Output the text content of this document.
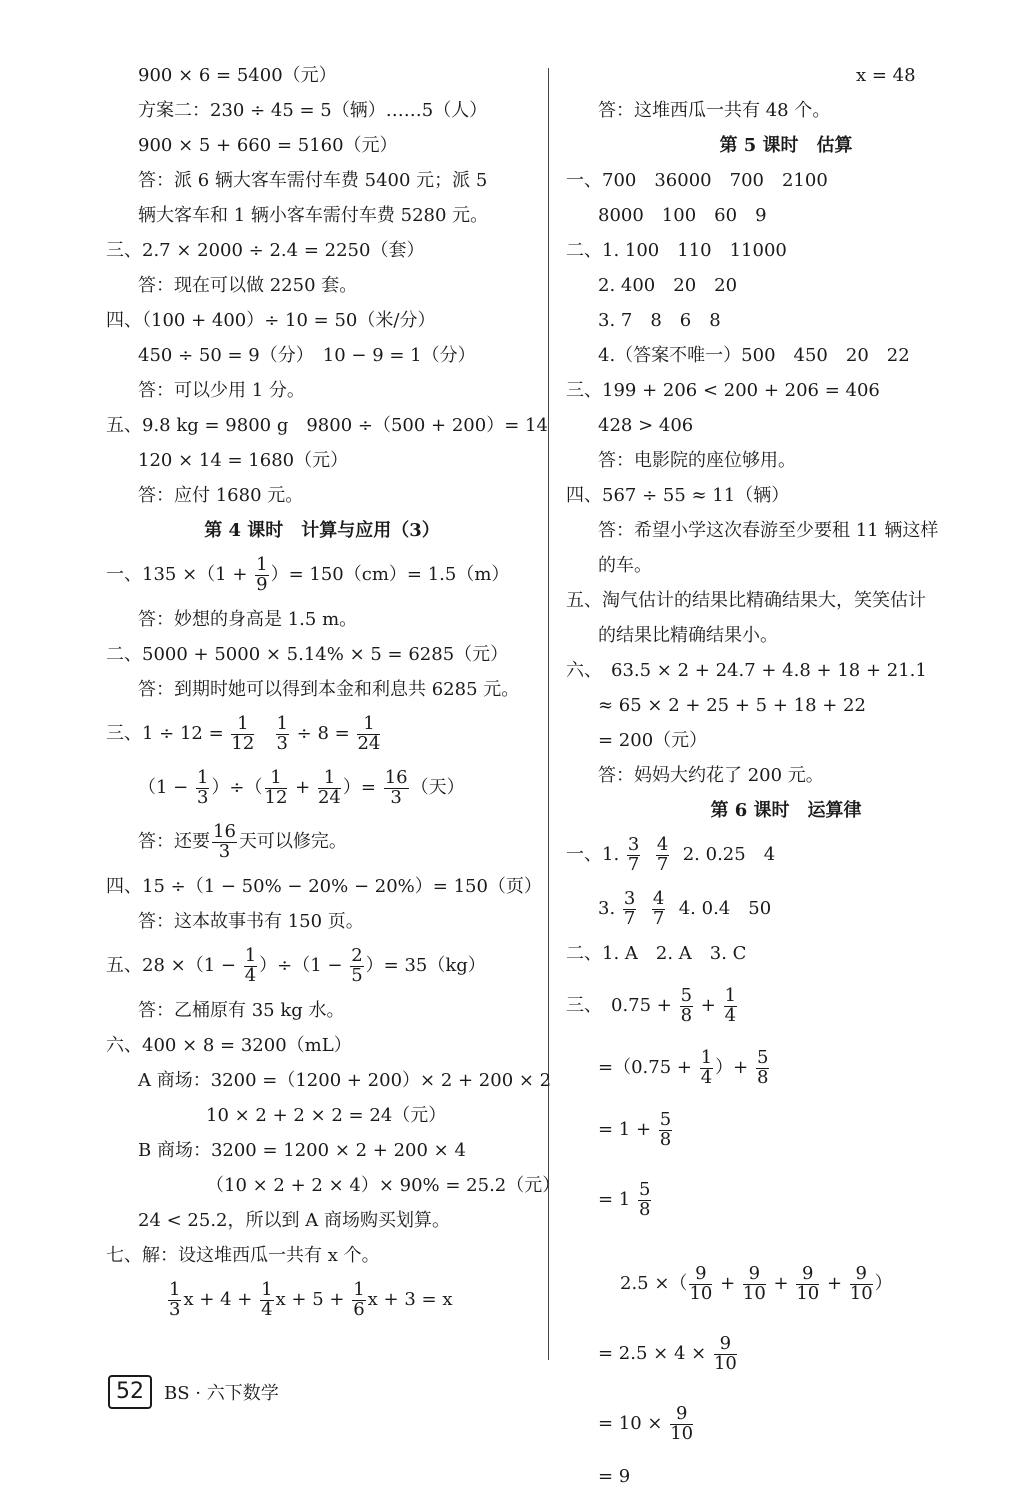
900 × 6 = 5400（元）
方案二：230 ÷ 45 = 5（辆）……5（人）
900 × 5 + 660 = 5160（元）
答：派 6 辆大客车需付车费 5400 元；派 5
辆大客车和 1 辆小客车需付车费 5280 元。
三、2.7 × 2000 ÷ 2.4 = 2250（套）
答：现在可以做 2250 套。
四、（100 + 400）÷ 10 = 50（米/分）
450 ÷ 50 = 9（分）　10 − 9 = 1（分）
答：可以少用 1 分。
五、9.8 kg = 9800 g　9800 ÷（500 + 200）= 14
120 × 14 = 1680（元）
答：应付 1680 元。
第 4 课时　计算与应用（3）
一、$135 \times(1 + \frac{1}{9}$ ）= 150（cm）= 1.5（m）
答：妙想的身高是 1.5 m。
二、5000 + 5000 × 5.14% × 5 = 6285（元）
答：到期时她可以得到本金和利息共 6285 元。
三、$1 \div 12 = \frac{1}{12}$
$\frac{1}{3} \div 8 = \frac{1}{24}$
（$1 - \frac{1}{3}$ ）÷（ $\frac{1}{12} + \frac{1}{24}$ ）= $\frac{16}{3}$ （天）
答：还要 $\frac{16}{3}$ 天可以修完。
四、15 ÷（1 − 50% − 20% − 20%）= 150（页）
答：这本故事书有 150 页。
五、$28 \times(1 - \frac{1}{4} )\div(1 - \frac{2}{5}$ ）= 35（kg）
答：乙桶原有 35 kg 水。
六、400 × 8 = 3200（mL）
A 商场：3200 =（1200 + 200）× 2 + 200 × 2
10 × 2 + 2 × 2 = 24（元）
B 商场：3200 = 1200 × 2 + 200 × 4
（10 × 2 + 2 × 4）× 90% = 25.2（元）
24 < 25.2，所以到 A 商场购买划算。
七、解：设这堆西瓜一共有 x 个。
$\frac{1}{3}$ $x + 4 + \frac{1}{4}$ $x + 5 + \frac{1}{6}$ x + 3 = x
x = 48
答：这堆西瓜一共有 48 个。
第 5 课时　估算
一、700　36000　700　2100
8000　100　60　9
二、1. 100　110　11000
2. 400　20　20
3. 7　8　6　8
4.（答案不唯一）500　450　20　22
三、199 + 206 < 200 + 206 = 406
428 > 406
答：电影院的座位够用。
四、567 ÷ 55 ≈ 11（辆）
答：希望小学这次春游至少要租 11 辆这样
的车。
五、淘气估计的结果比精确结果大，笑笑估计
的结果比精确结果小。
六、　63.5 × 2 + 24.7 + 4.8 + 18 + 21.1
≈ 65 × 2 + 25 + 5 + 18 + 22
= 200（元）
答：妈妈大约花了 200 元。
第 6 课时　运算律
一、1. $\frac{3}{7}$
$\frac{4}{7} 2$. 0.25　4
3. $\frac{3}{7}$
$\frac{4}{7} 4$. 0.4　50
二、1. A　2. A　3. C
三、　$0.75 + \frac{5}{8} + \frac{1}{4}$
$=(0.75 + \frac{1}{4}$ ）+ $\frac{5}{8}$
= $1 + \frac{5}{8}$
= $1 \frac{5}{8}$
2.5 ×（ $\frac{9}{10} + \frac{9}{10} + \frac{9}{10} + \frac{9}{10}$ ）
= $2.5 \times 4 \times \frac{9}{10}$
= $10 \times \frac{9}{10}$
= 9
52	BS · 六下数学
